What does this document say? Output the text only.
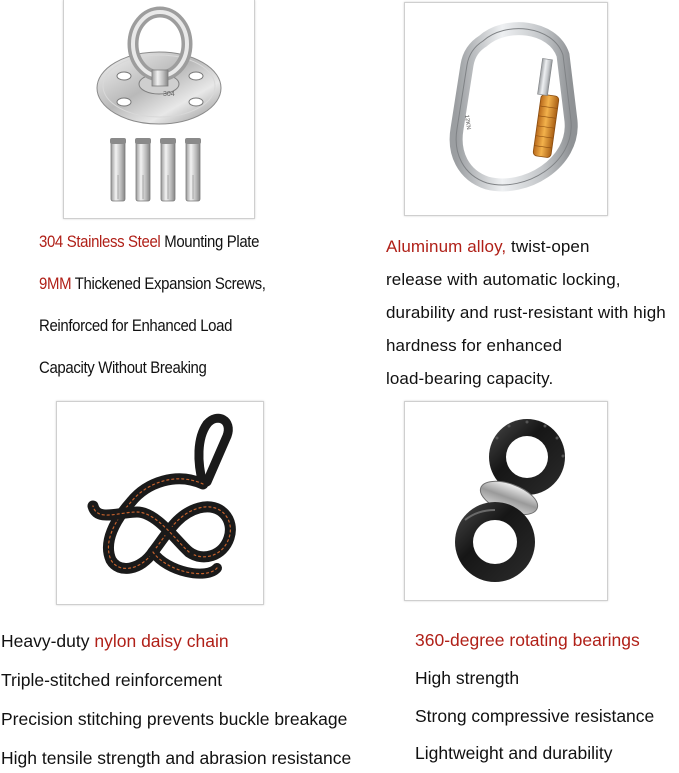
304
12KN
304 Stainless Steel Mounting Plate
9MM Thickened Expansion Screws,
Reinforced for Enhanced Load
Capacity Without Breaking
Aluminum alloy, twist-open
release with automatic locking,
durability and rust-resistant with high
hardness for enhanced
load-bearing capacity.
Heavy-duty nylon daisy chain
Triple-stitched reinforcement
Precision stitching prevents buckle breakage
High tensile strength and abrasion resistance
360-degree rotating bearings
High strength
Strong compressive resistance
Lightweight and durability
